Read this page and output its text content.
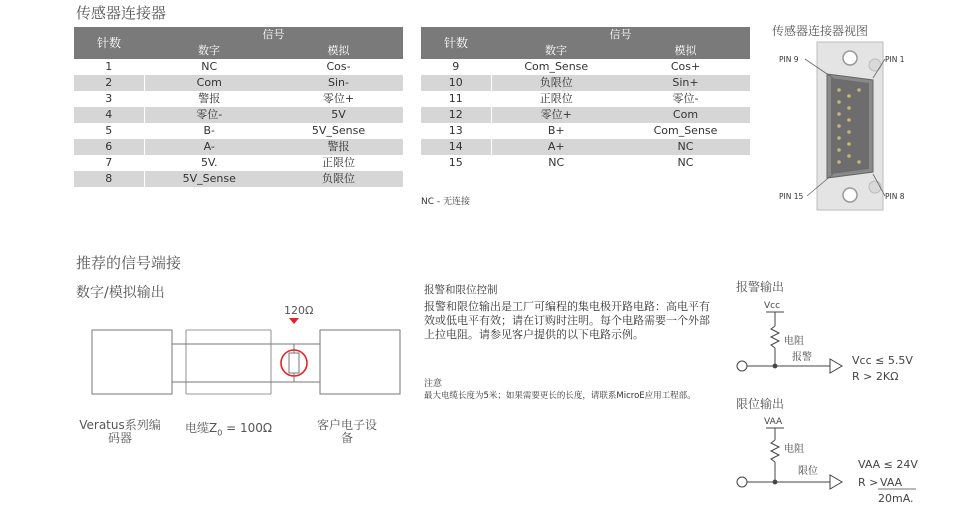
传感器连接器
针数	信号	
	数字	模拟
1	NC	Cos-
2	Com	Sin-
3	警报	零位+
4	零位-	5V
5	B-	5V_Sense
6	A-	警报
7	5V.	正限位
8	5V_Sense	负限位
针数	信号	
	数字	模拟
9	Com_Sense	Cos+
10	负限位	Sin+
11	正限位	零位-
12	零位+	Com
13	B+	Com_Sense
14	A+	NC
15	NC	NC
NC - 无连接
传感器连接器视图
PIN 9	PIN 1
PIN 15	PIN 8
推荐的信号端接
数字/模拟输出
120Ω
Veratus系列编码器
电缆$Z_0 = 100\Omega$	客户电子设备
报警和限位控制
报警和限位输出是工厂可编程的集电极开路电路：高电平有效或低电平有效；请在订购时注明。每个电路需要一个外部上拉电阻。请参见客户提供的以下电路示例。
注意
最大电缆长度为5米；如果需要更长的长度，请联系MicroE应用工程部。
报警输出
Vcc
电阻
报警	Vcc ≤ 5.5V
R > 2KΩ
限位输出
VAA
电阻
限位
VAA ≤ 24V
R > VAA
20mA.
